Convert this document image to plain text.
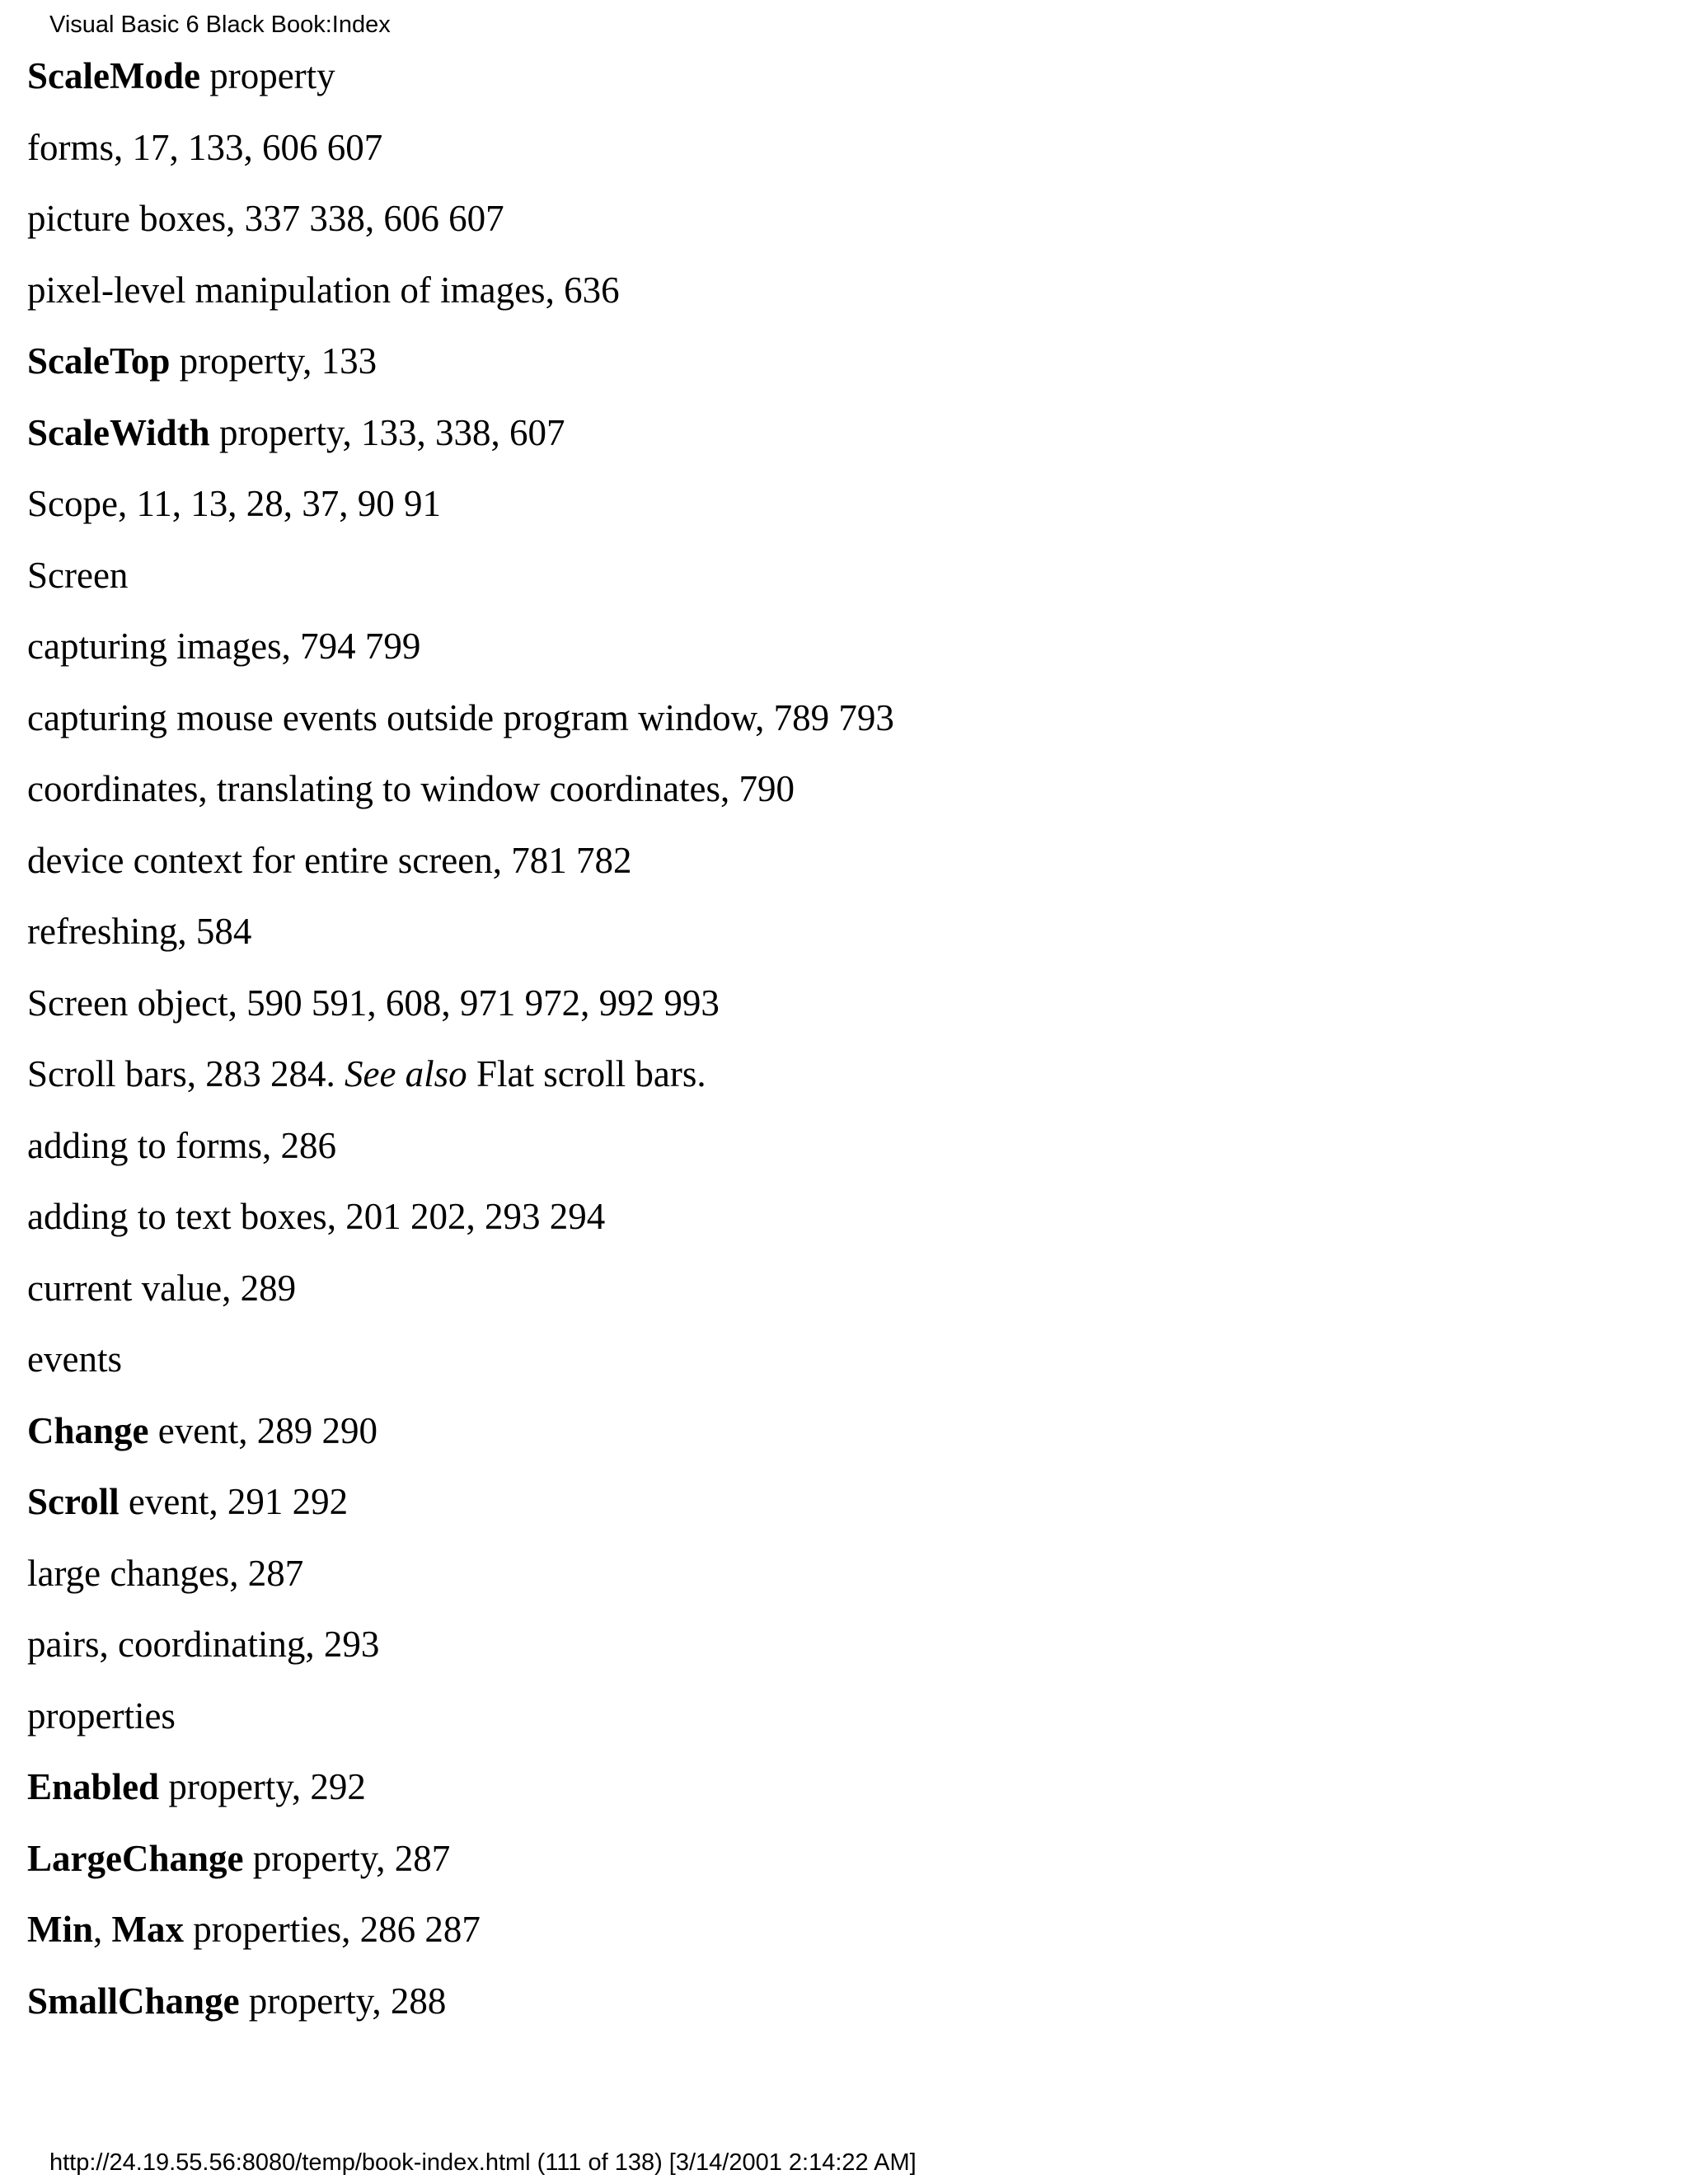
Visual Basic 6 Black Book:Index
ScaleMode property
forms, 17, 133, 606 607
picture boxes, 337 338, 606 607
pixel-level manipulation of images, 636
ScaleTop property, 133
ScaleWidth property, 133, 338, 607
Scope, 11, 13, 28, 37, 90 91
Screen
capturing images, 794 799
capturing mouse events outside program window, 789 793
coordinates, translating to window coordinates, 790
device context for entire screen, 781 782
refreshing, 584
Screen object, 590 591, 608, 971 972, 992 993
Scroll bars, 283 284. See also Flat scroll bars.
adding to forms, 286
adding to text boxes, 201 202, 293 294
current value, 289
events
Change event, 289 290
Scroll event, 291 292
large changes, 287
pairs, coordinating, 293
properties
Enabled property, 292
LargeChange property, 287
Min, Max properties, 286 287
SmallChange property, 288
http://24.19.55.56:8080/temp/book-index.html (111 of 138) [3/14/2001 2:14:22 AM]
